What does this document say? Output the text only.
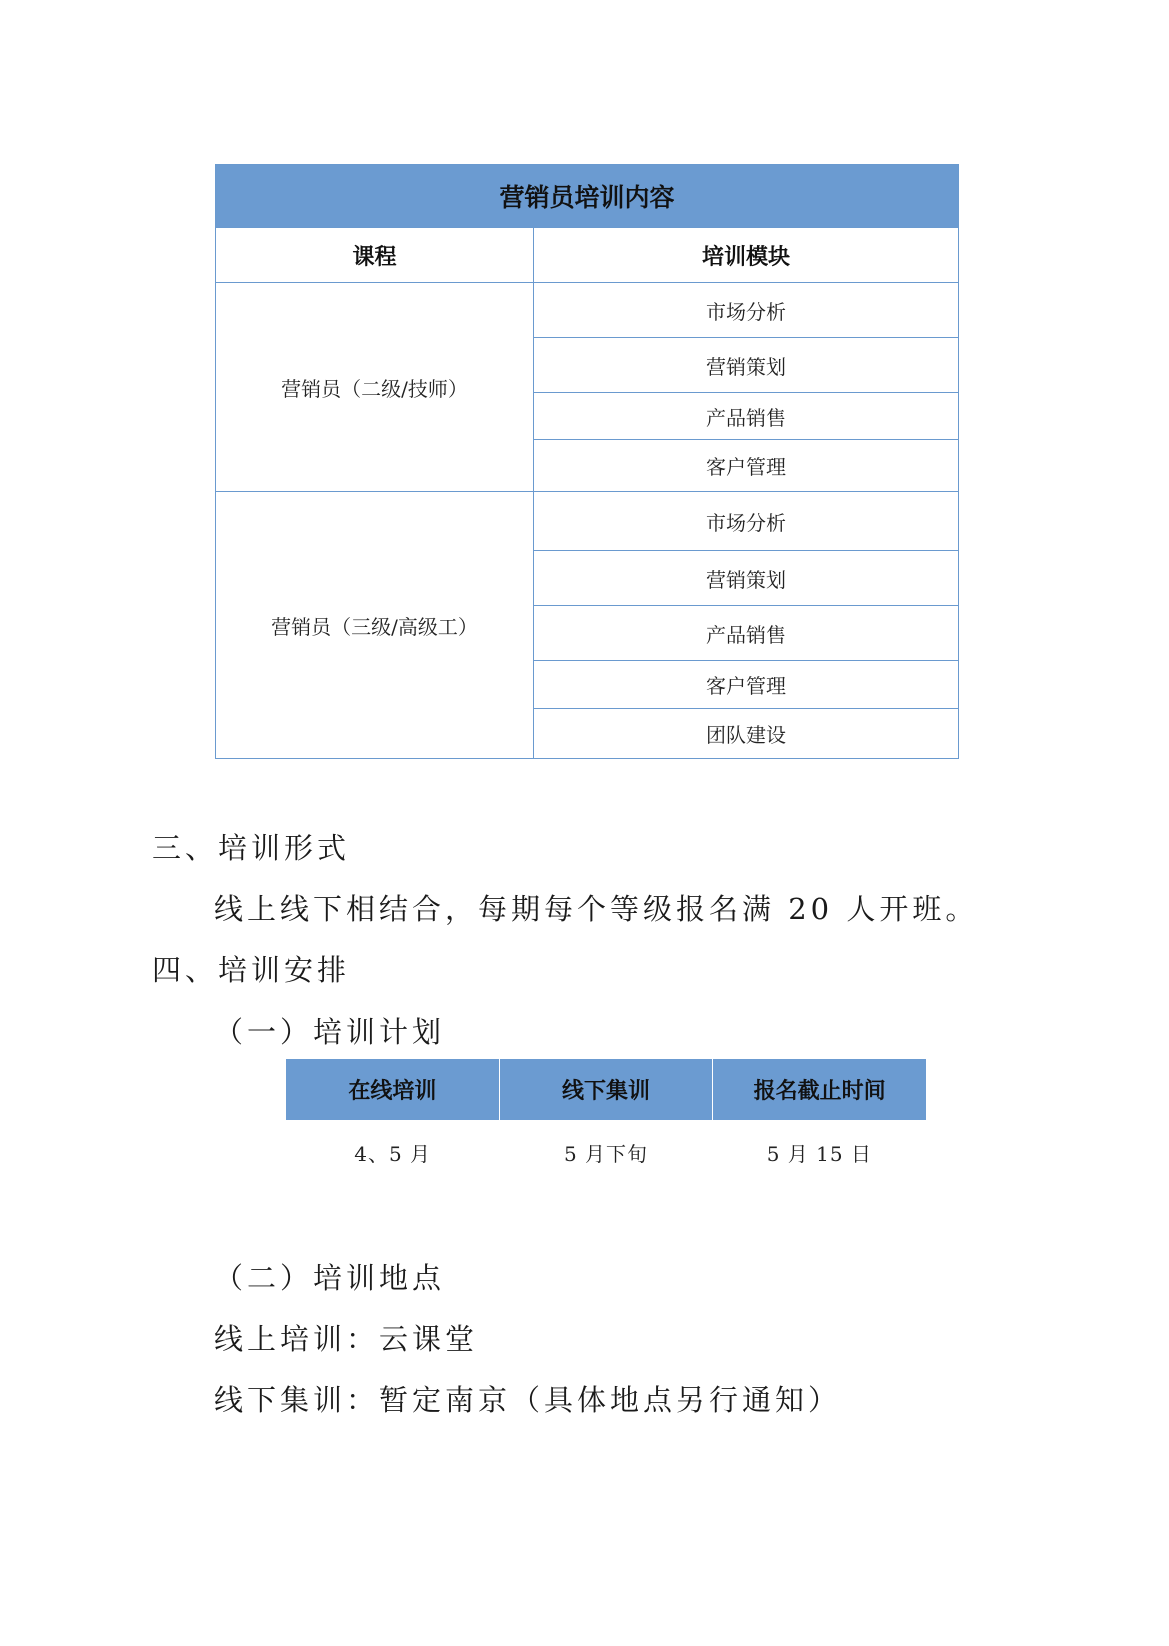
营销员培训内容	
课程	培训模块
营销员（二级/技师）	市场分析
	营销策划
	产品销售
	客户管理
营销员（三级/高级工）	市场分析
	营销策划
	产品销售
	客户管理
	团队建设
三、培训形式

线上线下相结合，每期每个等级报名满 20 人开班。

四、培训安排
（一）培训计划
在线培训	线下集训	报名截止时间
4、5 月	5 月下旬	5 月 15 日
（二）培训地点

线上培训：云课堂

线下集训：暂定南京（具体地点另行通知）
